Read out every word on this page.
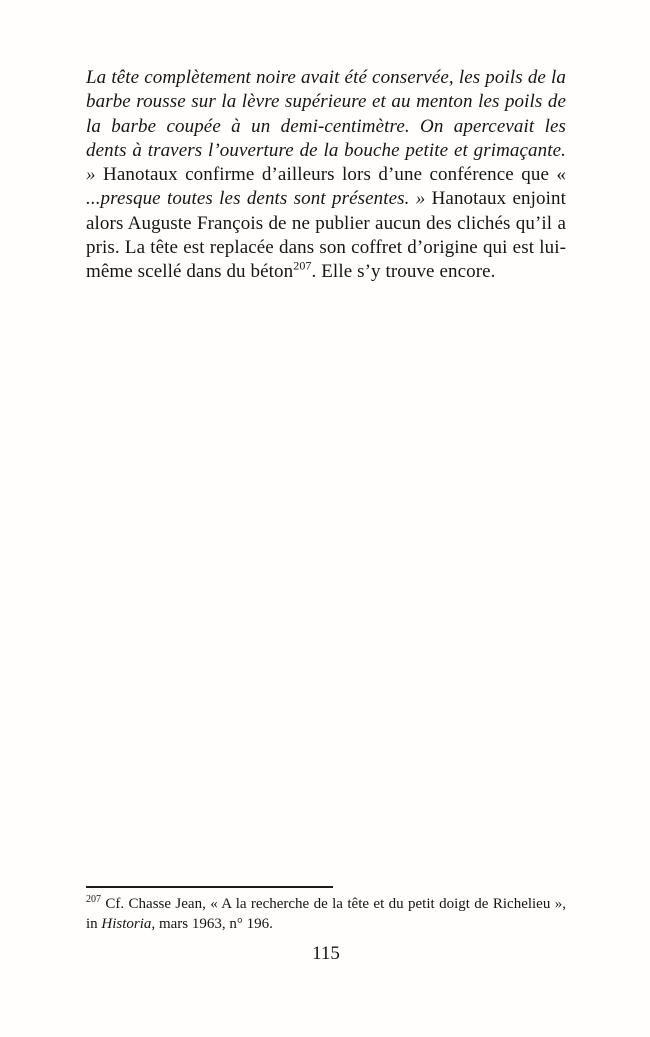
La tête complètement noire avait été conservée, les poils de la barbe rousse sur la lèvre supérieure et au menton les poils de la barbe coupée à un demi-centimètre. On apercevait les dents à travers l’ouverture de la bouche petite et grimaçante. » Hanotaux confirme d’ailleurs lors d’une conférence que « ...presque toutes les dents sont présentes. » Hanotaux enjoint alors Auguste François de ne publier aucun des clichés qu’il a pris. La tête est replacée dans son coffret d’origine qui est lui-même scellé dans du béton$^{207}$. Elle s’y trouve encore.
$^{207}$ Cf. Chasse Jean, « A la recherche de la tête et du petit doigt de Richelieu », in Historia, mars 1963, n° 196.
115
